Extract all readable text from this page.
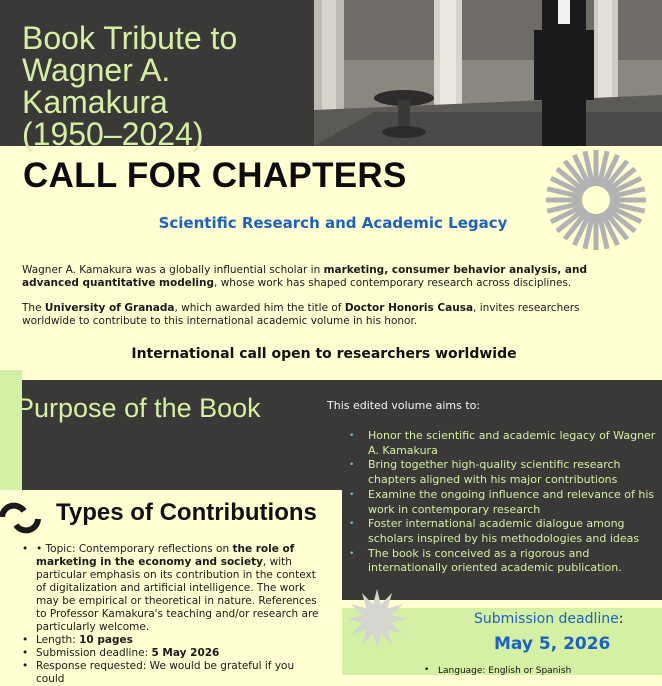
Book Tribute to
Wagner A. Kamakura
(1950–2024)
CALL FOR CHAPTERS
Scientific Research and Academic Legacy

Wagner A. Kamakura was a globally influential scholar in marketing, consumer behavior analysis, and advanced quantitative modeling, whose work has shaped contemporary research across disciplines.

The University of Granada, which awarded him the title of Doctor Honoris Causa, invites researchers worldwide to contribute to this international academic volume in his honor.

International call open to researchers worldwide
Purpose of the Book	This edited volume aims to:
• Honor the scientific and academic legacy of Wagner A. Kamakura
• Bring together high-quality scientific research chapters aligned with his major contributions
• Examine the ongoing influence and relevance of his work in contemporary research
• Foster international academic dialogue among scholars inspired by his methodologies and ideas
• The book is conceived as a rigorous and internationally oriented academic publication.
Types of Contributions
• • Topic: Contemporary reflections on the role of marketing in the economy and society, with particular emphasis on its contribution in the context of digitalization and artificial intelligence. The work may be empirical or theoretical in nature. References to Professor Kamakura's teaching and/or research are particularly welcome.
• Length: 10 pages
• Submission deadline: 5 May 2026
• Response requested: We would be grateful if you could
Submission deadline:
May 5, 2026
• Language: English or Spanish
